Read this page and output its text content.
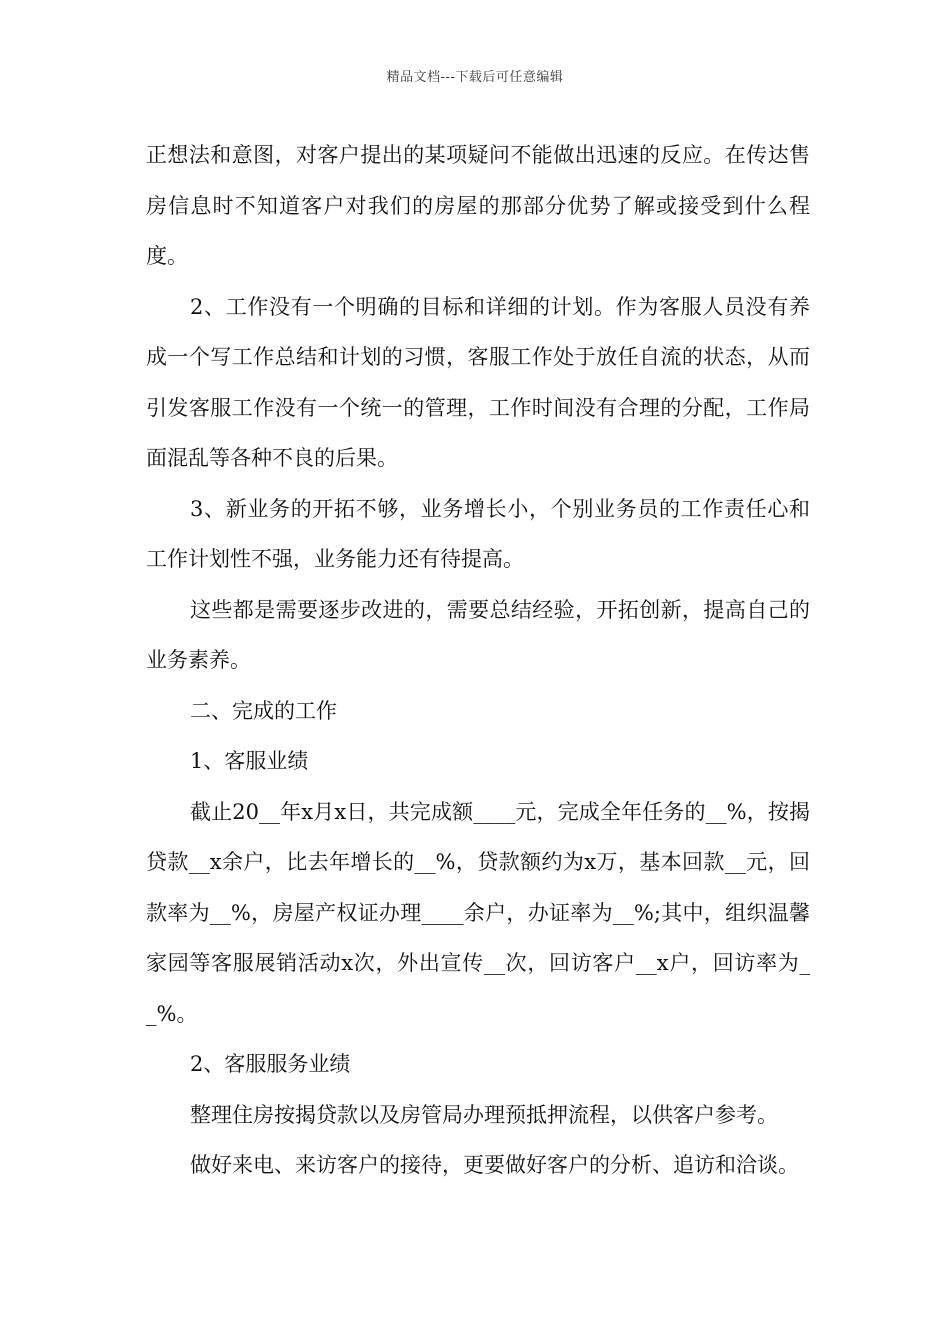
精品文档---下载后可任意编辑

正想法和意图，对客户提出的某项疑问不能做出迅速的反应。在传达售房信息时不知道客户对我们的房屋的那部分优势了解或接受到什么程度。

2、工作没有一个明确的目标和详细的计划。作为客服人员没有养成一个写工作总结和计划的习惯，客服工作处于放任自流的状态，从而引发客服工作没有一个统一的管理，工作时间没有合理的分配，工作局面混乱等各种不良的后果。

3、新业务的开拓不够，业务增长小，个别业务员的工作责任心和工作计划性不强，业务能力还有待提高。

这些都是需要逐步改进的，需要总结经验，开拓创新，提高自己的业务素养。

二、完成的工作

1、客服业绩

截止20__年x月x日，共完成额____元，完成全年任务的__%，按揭贷款__x余户，比去年增长的__%，贷款额约为x万，基本回款__元，回款率为__%，房屋产权证办理____余户，办证率为__%;其中，组织温馨家园等客服展销活动x次，外出宣传__次，回访客户__x户，回访率为__%。

2、客服服务业绩

整理住房按揭贷款以及房管局办理预抵押流程，以供客户参考。

做好来电、来访客户的接待，更要做好客户的分析、追访和洽谈。
